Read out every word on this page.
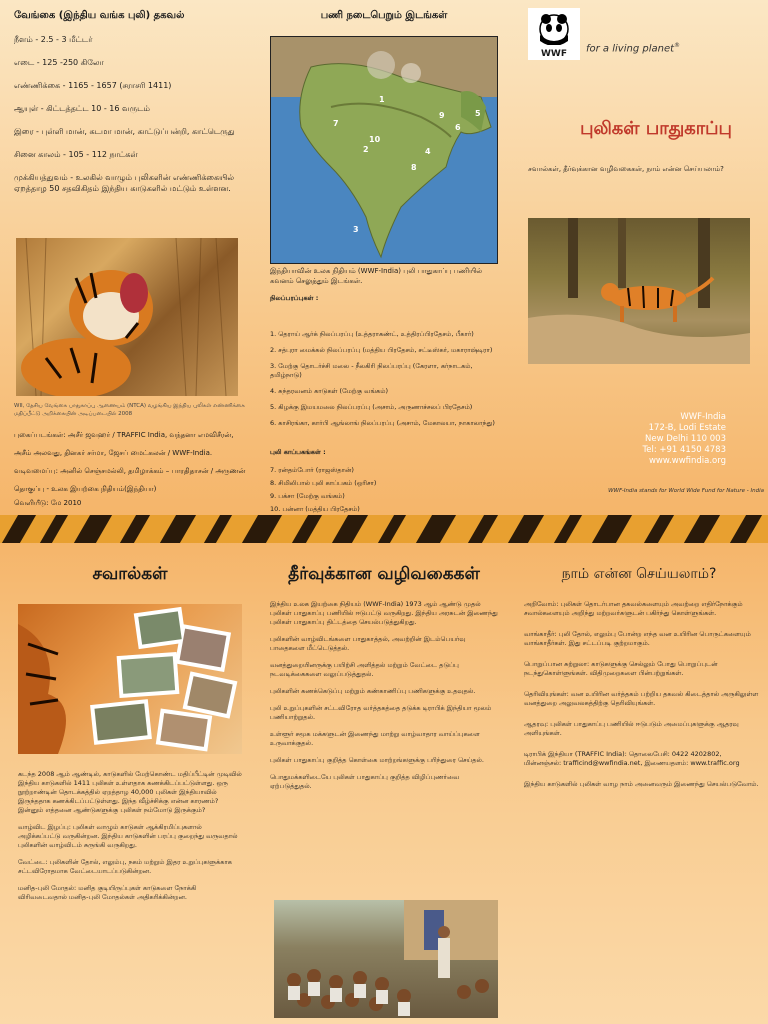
வேங்கை (இந்திய வங்க புலி) தகவல்
நீளம் - 2.5 - 3 மீட்டர்
எடை - 125 -250 கிலோ
எண்ணிக்கை - 1165 - 1657 (சராசரி 1411)
ஆயுள் - கிட்டத்தட்ட 10 - 16 வருடம்
இரை - புள்ளி மான், கடமா மான், காட்டுப்பன்றி, காட்டெருது
சினை காலம் - 105 - 112 நாட்கள்
முக்கியத்துவம் - உலகில் வாழும் புலிகளின் எண்ணிக்கையில் ஏறத்தாழ 50 சதவிகிதம் இந்திய காடுகளில் மட்டும் உள்ளன.
WII, தேசிய வேங்கை பாதுகாப்பு ஆணையம் (NTCA) வழங்கிய இந்திய புலிகள் எண்ணிக்கை மதிப்பீட்டு அறிக்கையின் அடிப்படையில் 2008
புகைப்படங்கள்: அசீர் ஜவஹர் / TRAFFIC India, வந்தனா எமவிசீரன்,
அசீம் அலவது, தினகர் சர்மா, ஜேசப் மைட்கலன் / WWF-India.
வடிவமைப்பு: அனில் செஞ்சமல்லி, தமிழாக்கம் – பாரதிதாசன் / அருணன்
தொகுப்பு - உலக இயற்கை நிதியம்(இந்தியா)
வெளியீடு: மே 2010
பணி நடைபெறும் இடங்கள்
1
2
3
4
5
6
7
8
9
10
இந்தியாவின் உலக நிதியம் (WWF-India) புலி பாதுகாப்பு பணியில் கவனம் செலுத்தும் இடங்கள்.
நிலப்பரப்புகள் :
1. தெராய் ஆர்க் நிலப்பரப்பு (உத்தராகண்ட், உத்திரப்பிரதேசம், பீகார்)
2. சத்புரா மைக்கல் நிலப்பரப்பு (மத்திய பிரதேசம், சட்டீஸ்கர், மகாராஷ்டிரா)
3. மேற்கு தொடர்ச்சி மலை - நீலகிரி நிலப்பரப்பு (கேரளா, கர்நாடகம், தமிழ்நாடு)
4. சுந்தரவனம் காடுகள் (மேற்கு வங்கம்)
5. கிழக்கு இமயமலை நிலப்பரப்பு (அசாம், அருணாச்சலப் பிரதேசம்)
6. காசிரங்கா, கார்பி ஆங்லாங் நிலப்பரப்பு (அசாம், மேகாலயா, நாகாலாந்து)
புலி காப்பகங்கள் :
7. ரன்தம்போர் (ராஜஸ்தான்)
8. சிமிலிபால் புலி காப்பகம் (ஒரிசா)
9. பக்சா (மேற்கு வங்கம்)
10. பன்னா (மத்திய பிரதேசம்)
WWF	for a living planet®
புலிகள் பாதுகாப்பு
சவால்கள், தீர்வுக்கான வழிவகைகள், நாம் என்ன செய்யலாம்?
WWF-India
172-B, Lodi Estate
New Delhi 110 003
Tel: +91 4150 4783
www.wwfindia.org
WWF-India stands for World Wide Fund for Nature - India
சவால்கள்
கடந்த 2008 ஆம் ஆண்டில், காடுகளில் மேற்கொண்ட மதிப்பீட்டின் முடிவில் இந்திய காடுகளில் 1411 புலிகள் உள்ளதாக கணக்கிடப்பட்டுள்ளது. ஒரு நூற்றாண்டின் தொடக்கத்தில் ஏறத்தாழ 40,000 புலிகள் இந்தியாவில் இருந்ததாக கணக்கிடப்பட்டுள்ளது. இந்த வீழ்ச்சிக்கு என்ன காரணம்? இன்னும் எத்தனை ஆண்டுகளுக்கு புலிகள் நம்மோடு இருக்கும்?
வாழ்விட இழப்பு: புலிகள் வாழும் காடுகள் ஆக்கிரமிப்புகளால் அழிக்கப்பட்டு வருகின்றன. இந்திய காடுகளின் பரப்பு குறைந்து வருவதால் புலிகளின் வாழ்விடம் சுருங்கி வருகிறது.
வேட்டை: புலிகளின் தோல், எலும்பு, நகம் மற்றும் இதர உறுப்புகளுக்காக சட்டவிரோதமாக வேட்டையாடப்படுகின்றன.
மனித-புலி மோதல்: மனித குடியிருப்புகள் காடுகளை நோக்கி விரிவடைவதால் மனித-புலி மோதல்கள் அதிகரிக்கின்றன.
தீர்வுக்கான வழிவகைகள்
இந்திய உலக இயற்கை நிதியம் (WWF-India) 1973 ஆம் ஆண்டு முதல் புலிகள் பாதுகாப்பு பணியில் ஈடுபட்டு வருகிறது. இந்திய அரசுடன் இணைந்து புலிகள் பாதுகாப்பு திட்டத்தை செயல்படுத்துகிறது.
புலிகளின் வாழ்விடங்களை பாதுகாத்தல், அவற்றின் இடம்பெயர்வு பாதைகளை மீட்டெடுத்தல்.
வனத்துறையினருக்கு பயிற்சி அளித்தல் மற்றும் வேட்டை தடுப்பு நடவடிக்கைகளை வலுப்படுத்துதல்.
புலிகளின் கணக்கெடுப்பு மற்றும் கண்காணிப்பு பணிகளுக்கு உதவுதல்.
புலி உறுப்புகளின் சட்டவிரோத வர்த்தகத்தை தடுக்க டிராபிக் இந்தியா மூலம் பணியாற்றுதல்.
உள்ளூர் சமூக மக்களுடன் இணைந்து மாற்று வாழ்வாதார வாய்ப்புகளை உருவாக்குதல்.
புலிகள் பாதுகாப்பு குறித்த கொள்கை மாற்றங்களுக்கு பரிந்துரை செய்தல்.
பொதுமக்களிடையே புலிகள் பாதுகாப்பு குறித்த விழிப்புணர்வை ஏற்படுத்துதல்.
நாம் என்ன செய்யலாம்?
அறிவோம்: புலிகள் தொடர்பான தகவல்களையும் அவற்றை எதிர்நோக்கும் சவால்களையும் அறிந்து மற்றவர்களுடன் பகிர்ந்து கொள்ளுங்கள்.
வாங்காதீர்: புலி தோல், எலும்பு போன்ற எந்த வன உயிரின பொருட்களையும் வாங்காதீர்கள். இது சட்டப்படி குற்றமாகும்.
பொறுப்பான சுற்றுலா: காடுகளுக்கு செல்லும் போது பொறுப்புடன் நடந்துகொள்ளுங்கள். விதிமுறைகளை பின்பற்றுங்கள்.
தெரிவியுங்கள்: வன உயிரின வர்த்தகம் பற்றிய தகவல் கிடைத்தால் அருகிலுள்ள வனத்துறை அலுவலகத்திற்கு தெரிவியுங்கள்.
ஆதரவு: புலிகள் பாதுகாப்பு பணியில் ஈடுபடும் அமைப்புகளுக்கு ஆதரவு அளியுங்கள்.
டிராபிக் இந்தியா (TRAFFIC India): தொலைபேசி: 0422 4202802, மின்னஞ்சல்: trafficind@wwfindia.net, இணையதளம்: www.traffic.org
இந்திய காடுகளில் புலிகள் வாழ நாம் அனைவரும் இணைந்து செயல்படுவோம்.
